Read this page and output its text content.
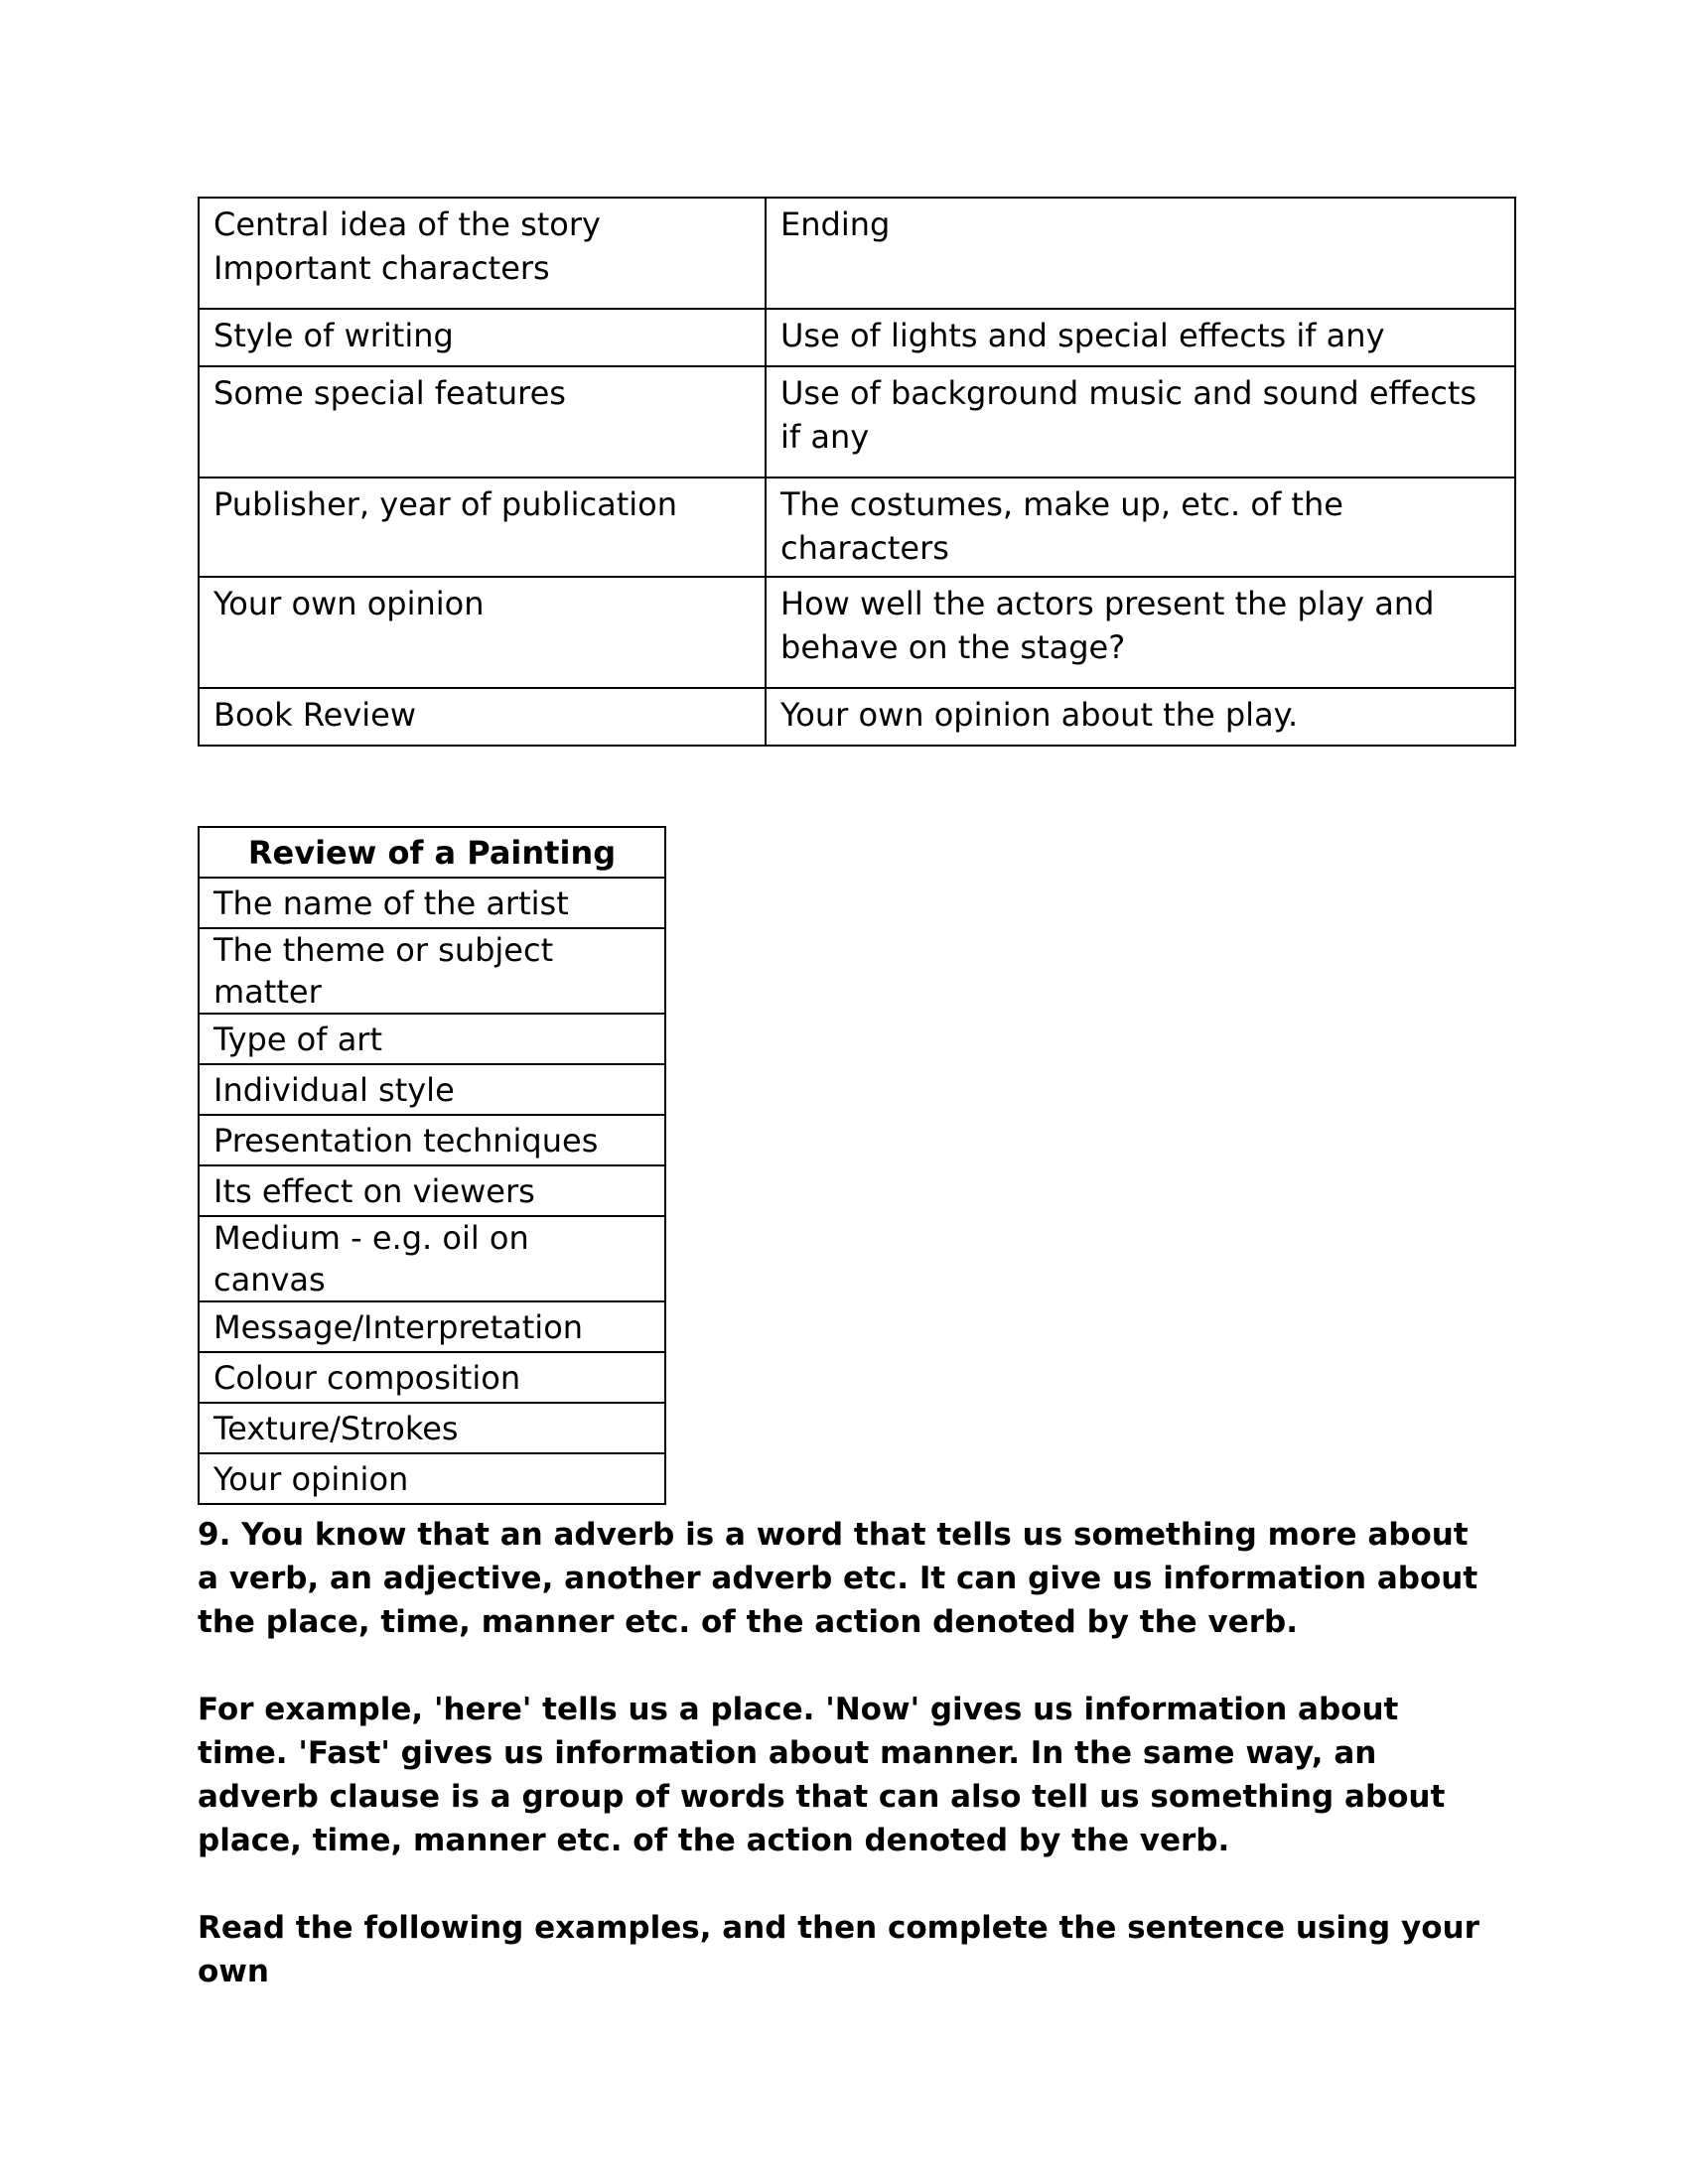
Central idea of the story Important characters	Ending
Style of writing	Use of lights and special effects if any
Some special features	Use of background music and sound effects if any
Publisher, year of publication	The costumes, make up, etc. of the characters
Your own opinion	How well the actors present the play and behave on the stage?
Book Review	Your own opinion about the play.
Review of a Painting
The name of the artist
The theme or subject matter
Type of art
Individual style
Presentation techniques
Its effect on viewers
Medium - e.g. oil on canvas
Message/Interpretation
Colour composition
Texture/Strokes
Your opinion

9. You know that an adverb is a word that tells us something more about a verb, an adjective, another adverb etc. It can give us information about the place, time, manner etc. of the action denoted by the verb.

For example, 'here' tells us a place. 'Now' gives us information about time. 'Fast' gives us information about manner. In the same way, an adverb clause is a group of words that can also tell us something about place, time, manner etc. of the action denoted by the verb.

Read the following examples, and then complete the sentence using your own
